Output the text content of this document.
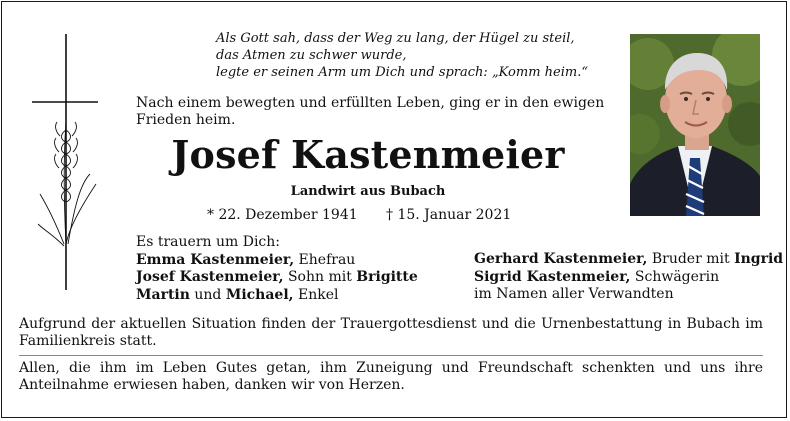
Als Gott sah, dass der Weg zu lang, der Hügel zu steil,
das Atmen zu schwer wurde,
legte er seinen Arm um Dich und sprach: „Komm heim.“
Nach einem bewegten und erfüllten Leben, ging er in den ewigen Frieden heim.
Josef Kastenmeier
Landwirt aus Bubach
* 22. Dezember 1941 † 15. Januar 2021
Es trauern um Dich:
Emma Kastenmeier, Ehefrau
Josef Kastenmeier, Sohn mit Brigitte
Martin und Michael, Enkel
Gerhard Kastenmeier, Bruder mit Ingrid
Sigrid Kastenmeier, Schwägerin
im Namen aller Verwandten
Aufgrund der aktuellen Situation finden der Trauergottesdienst und die Urnenbestattung in Bubach im Familienkreis statt.
Allen, die ihm im Leben Gutes getan, ihm Zuneigung und Freundschaft schenkten und uns ihre Anteilnahme erwiesen haben, danken wir von Herzen.
